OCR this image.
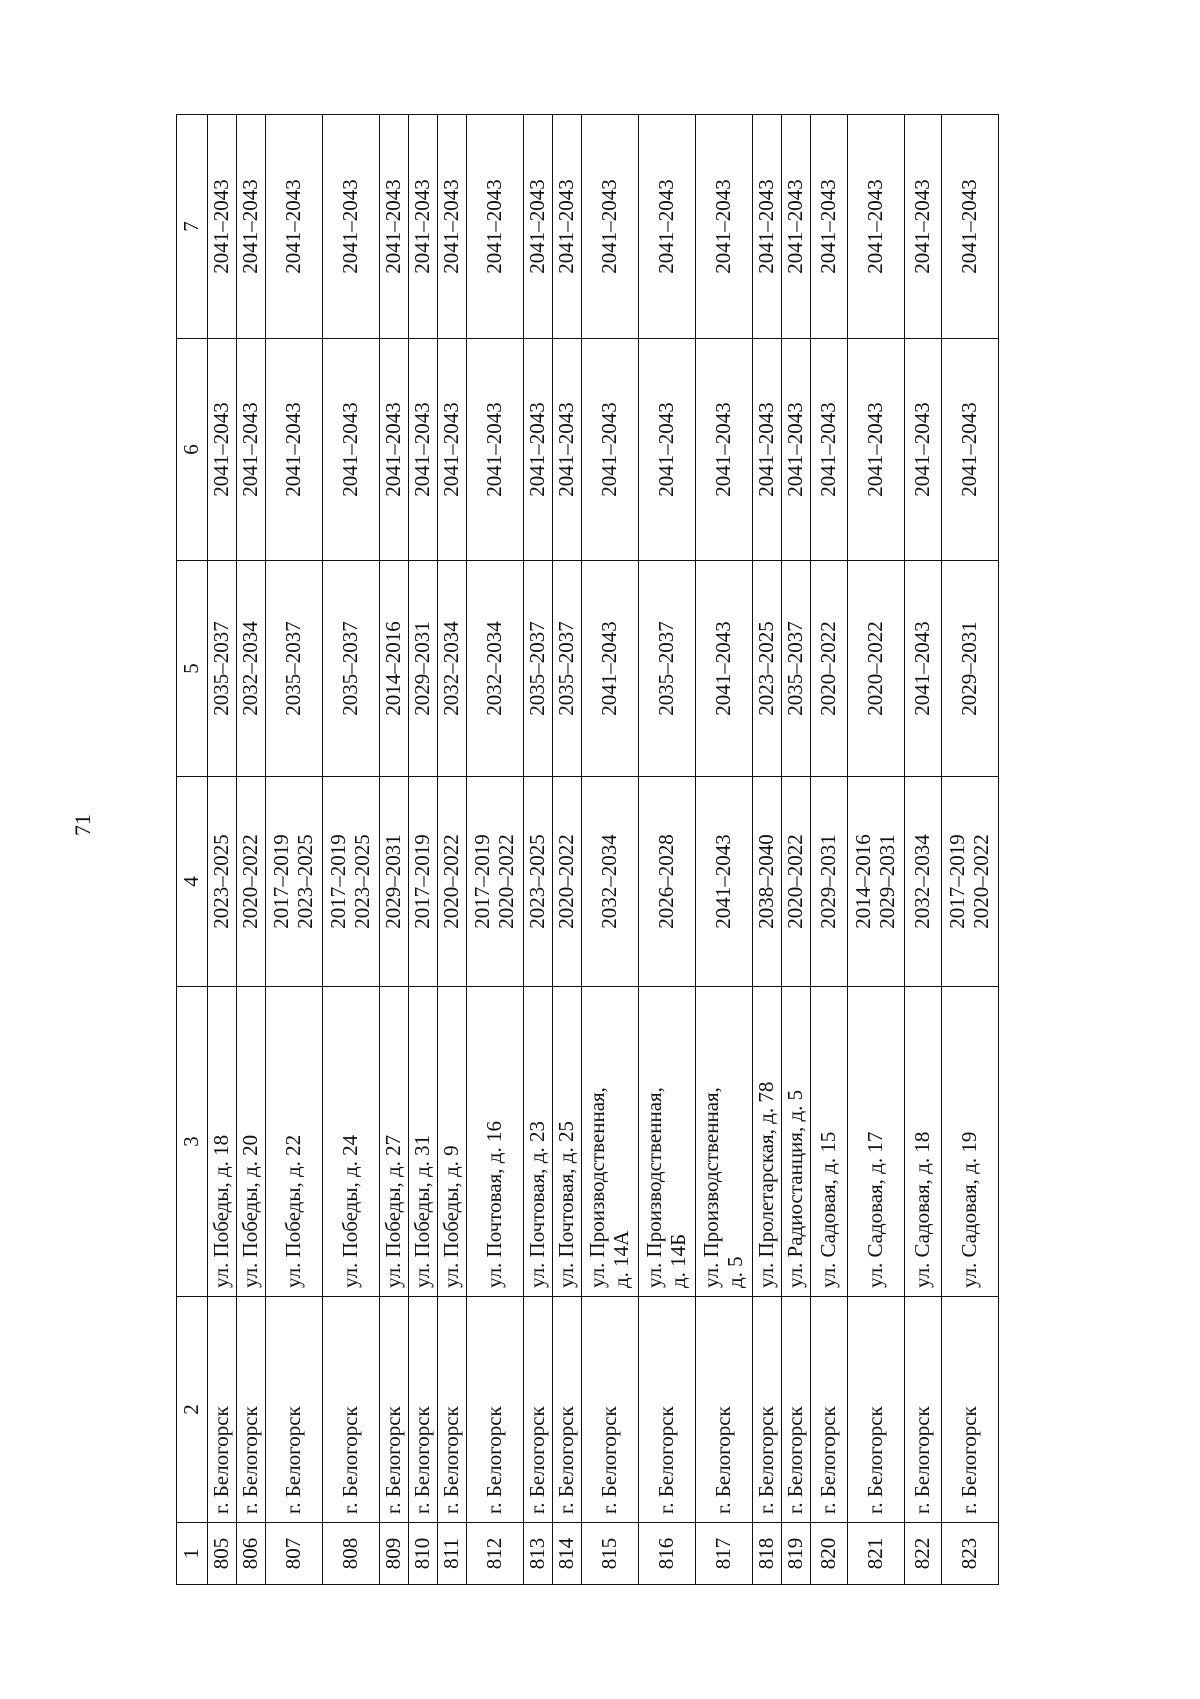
71
1	2	3	4	5	6	7

805	г. Белогорск	ул. Победы, д. 18	2023–2025	2035–2037	2041–2043	2041–2043

806	г. Белогорск	ул. Победы, д. 20	2020–2022	2032–2034	2041–2043	2041–2043

807	г. Белогорск	ул. Победы, д. 22	2017–2019 2023–2025	2035–2037	2041–2043	2041–2043

808	г. Белогорск	ул. Победы, д. 24	2017–2019 2023–2025	2035–2037	2041–2043	2041–2043

809	г. Белогорск	ул. Победы, д. 27	2029–2031	2014–2016	2041–2043	2041–2043

810	г. Белогорск	ул. Победы, д. 31	2017–2019	2029–2031	2041–2043	2041–2043

811	г. Белогорск	ул. Победы, д. 9	2020–2022	2032–2034	2041–2043	2041–2043

812	г. Белогорск	ул. Почтовая, д. 16	2017–2019 2020–2022	2032–2034	2041–2043	2041–2043

813	г. Белогорск	ул. Почтовая, д. 23	2023–2025	2035–2037	2041–2043	2041–2043

814	г. Белогорск	ул. Почтовая, д. 25	2020–2022	2035–2037	2041–2043	2041–2043

815	г. Белогорск	ул. Производственная, д. 14А	2032–2034	2041–2043	2041–2043	2041–2043

816	г. Белогорск	ул. Производственная, д. 14Б	2026–2028	2035–2037	2041–2043	2041–2043

817	г. Белогорск	ул. Производственная, д. 5	2041–2043	2041–2043	2041–2043	2041–2043

818	г. Белогорск	ул. Пролетарская, д. 78	2038–2040	2023–2025	2041–2043	2041–2043

819	г. Белогорск	ул. Радиостанция, д. 5	2020–2022	2035–2037	2041–2043	2041–2043

820	г. Белогорск	ул. Садовая, д. 15	2029–2031	2020–2022	2041–2043	2041–2043

821	г. Белогорск	ул. Садовая, д. 17	2014–2016 2029–2031	2020–2022	2041–2043	2041–2043

822	г. Белогорск	ул. Садовая, д. 18	2032–2034	2041–2043	2041–2043	2041–2043

823	г. Белогорск	ул. Садовая, д. 19	2017–2019 2020–2022	2029–2031	2041–2043	2041–2043
